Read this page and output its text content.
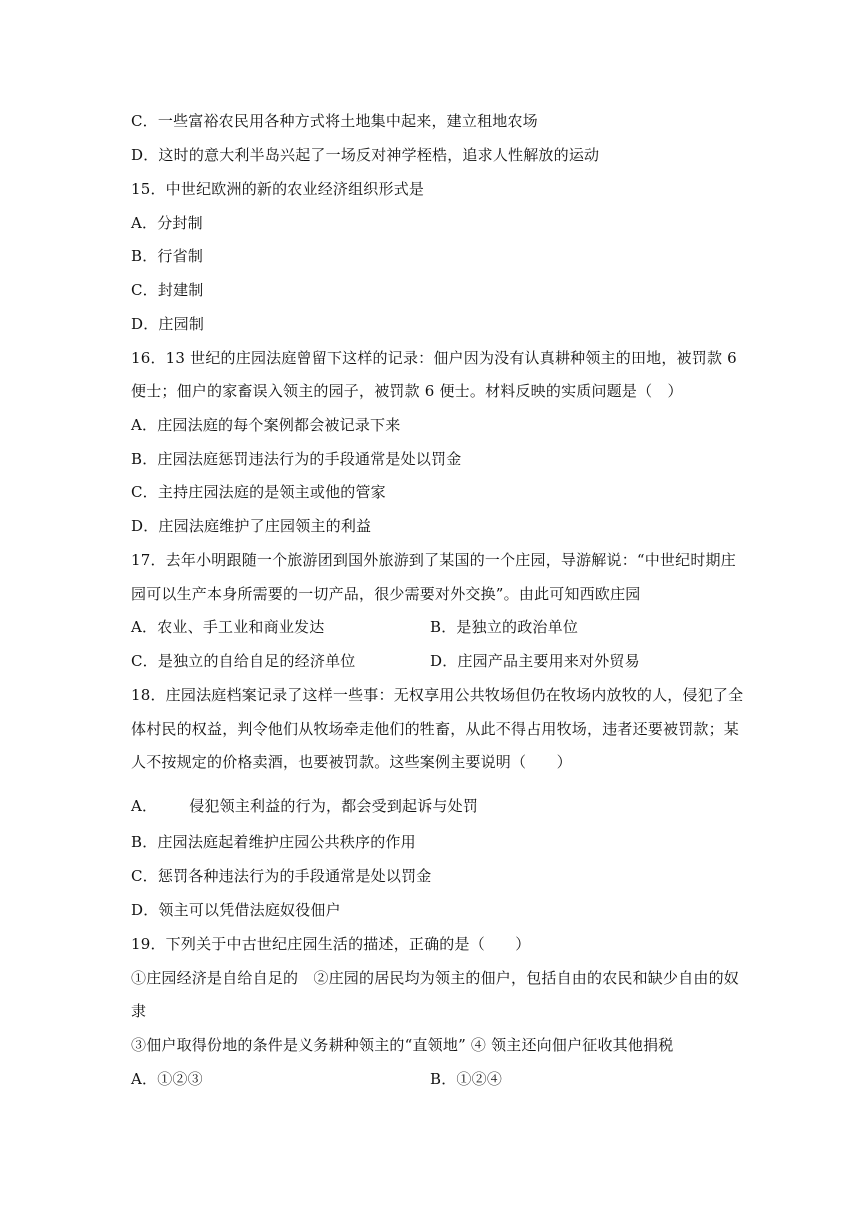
C．一些富裕农民用各种方式将土地集中起来，建立租地农场
D．这时的意大利半岛兴起了一场反对神学桎梏，追求人性解放的运动
15．中世纪欧洲的新的农业经济组织形式是
A．分封制
B．行省制
C．封建制
D．庄园制
16．13 世纪的庄园法庭曾留下这样的记录：佃户因为没有认真耕种领主的田地，被罚款 6
便士；佃户的家畜误入领主的园子，被罚款 6 便士。材料反映的实质问题是（　）
A．庄园法庭的每个案例都会被记录下来
B．庄园法庭惩罚违法行为的手段通常是处以罚金
C．主持庄园法庭的是领主或他的管家
D．庄园法庭维护了庄园领主的利益
17．去年小明跟随一个旅游团到国外旅游到了某国的一个庄园，导游解说：“中世纪时期庄
园可以生产本身所需要的一切产品，很少需要对外交换”。由此可知西欧庄园
A．农业、手工业和商业发达	B．是独立的政治单位
C．是独立的自给自足的经济单位	D．庄园产品主要用来对外贸易
18．庄园法庭档案记录了这样一些事：无权享用公共牧场但仍在牧场内放牧的人，侵犯了全
体村民的权益，判令他们从牧场牵走他们的牲畜，从此不得占用牧场，违者还要被罚款；某
人不按规定的价格卖酒，也要被罚款。这些案例主要说明（　　）
A． 侵犯领主利益的行为，都会受到起诉与处罚
B．庄园法庭起着维护庄园公共秩序的作用
C．惩罚各种违法行为的手段通常是处以罚金
D．领主可以凭借法庭奴役佃户
19．下列关于中古世纪庄园生活的描述，正确的是（　　）
①庄园经济是自给自足的　②庄园的居民均为领主的佃户，包括自由的农民和缺少自由的奴
隶
③佃户取得份地的条件是义务耕种领主的“直领地” ④ 领主还向佃户征收其他捐税
A．①②③	B．①②④
